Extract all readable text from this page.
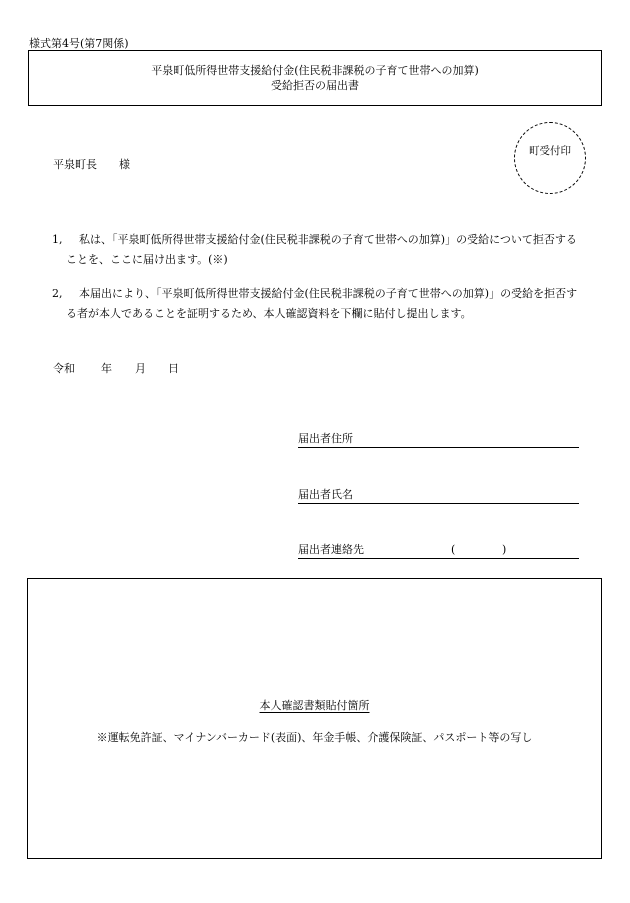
様式第4号(第7関係)
平泉町低所得世帯支援給付金(住民税非課税の子育て世帯への加算)
受給拒否の届出書
町受付印
平泉町長 様
1,	私は、「平泉町低所得世帯支援給付金(住民税非課税の子育て世帯への加算)」の受給について拒否することを、ここに届け出ます。(※)
2,	本届出により、「平泉町低所得世帯支援給付金(住民税非課税の子育て世帯への加算)」の受給を拒否する者が本人であることを証明するため、本人確認資料を下欄に貼付し提出します。
令和 年 月 日
届出者住所
届出者氏名
届出者連絡先	(	)
本人確認書類貼付箇所
※運転免許証、マイナンバーカード(表面)、年金手帳、介護保険証、パスポート等の写し
